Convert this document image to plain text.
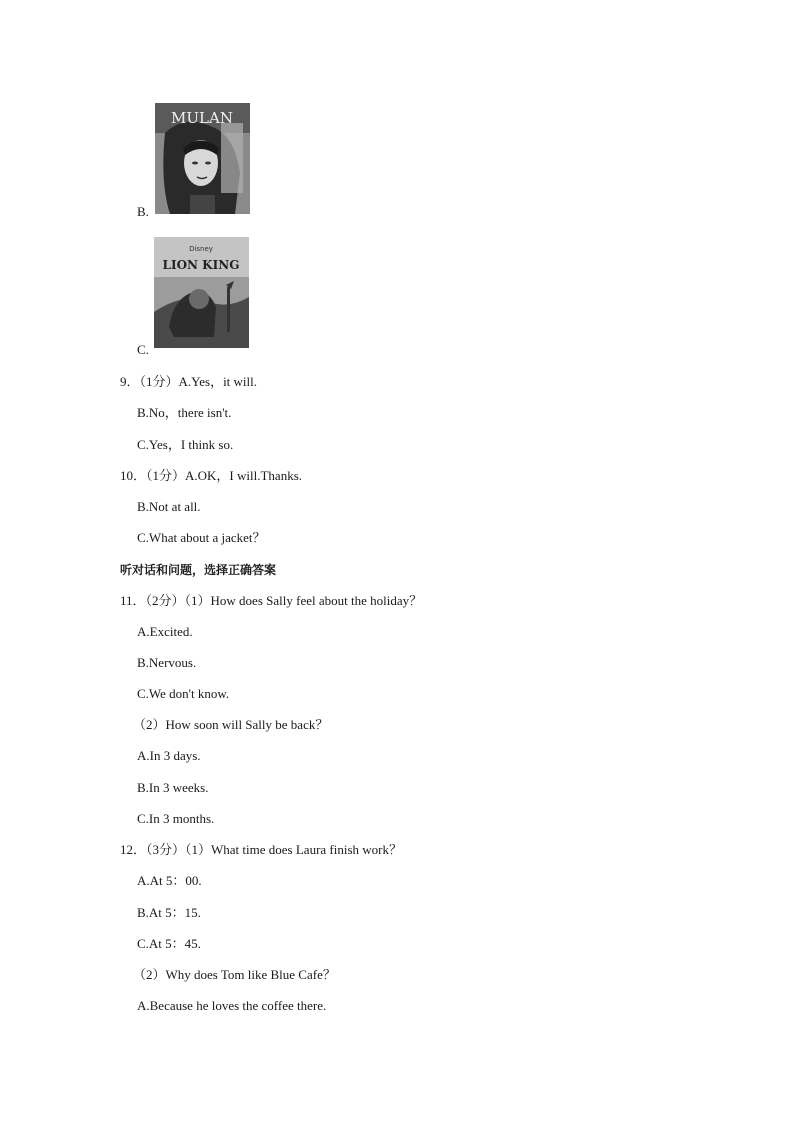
MULAN
B.
Disney
LION KING
C.
9．（1分）A.Yes，it will.
B.No，there isn't.
C.Yes，I think so.
10．（1分）A.OK，I will.Thanks.
B.Not at all.
C.What about a jacket？
听对话和问题，选择正确答案
11．（2分）（1）How does Sally feel about the holiday？
A.Excited.
B.Nervous.
C.We don't know.
（2）How soon will Sally be back？
A.In 3 days.
B.In 3 weeks.
C.In 3 months.
12．（3分）（1）What time does Laura finish work？
A.At 5：00.
B.At 5：15.
C.At 5：45.
（2）Why does Tom like Blue Cafe？
A.Because he loves the coffee there.
